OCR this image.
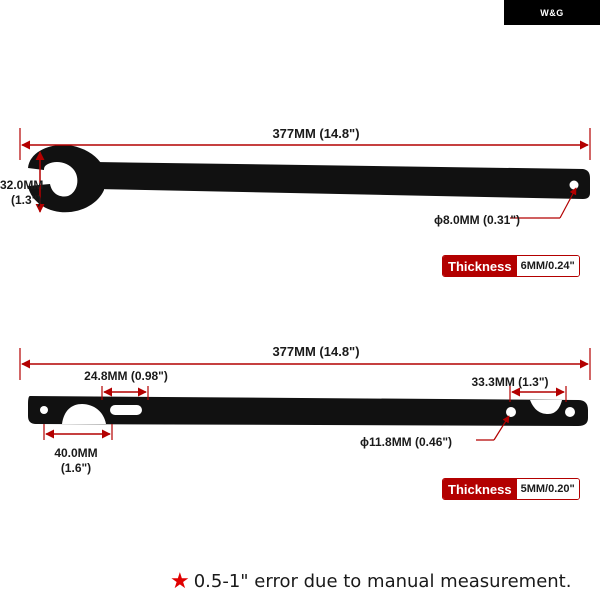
W&G
377MM (14.8")
32.0MM
(1.3")
ϕ8.0MM (0.31")
377MM (14.8")
24.8MM (0.98")	33.3MM (1.3")
40.0MM
(1.6")
ϕ11.8MM (0.46")
Thickness 6MM/0.24"
Thickness 5MM/0.20"
★ 0.5-1" error due to manual measurement.
